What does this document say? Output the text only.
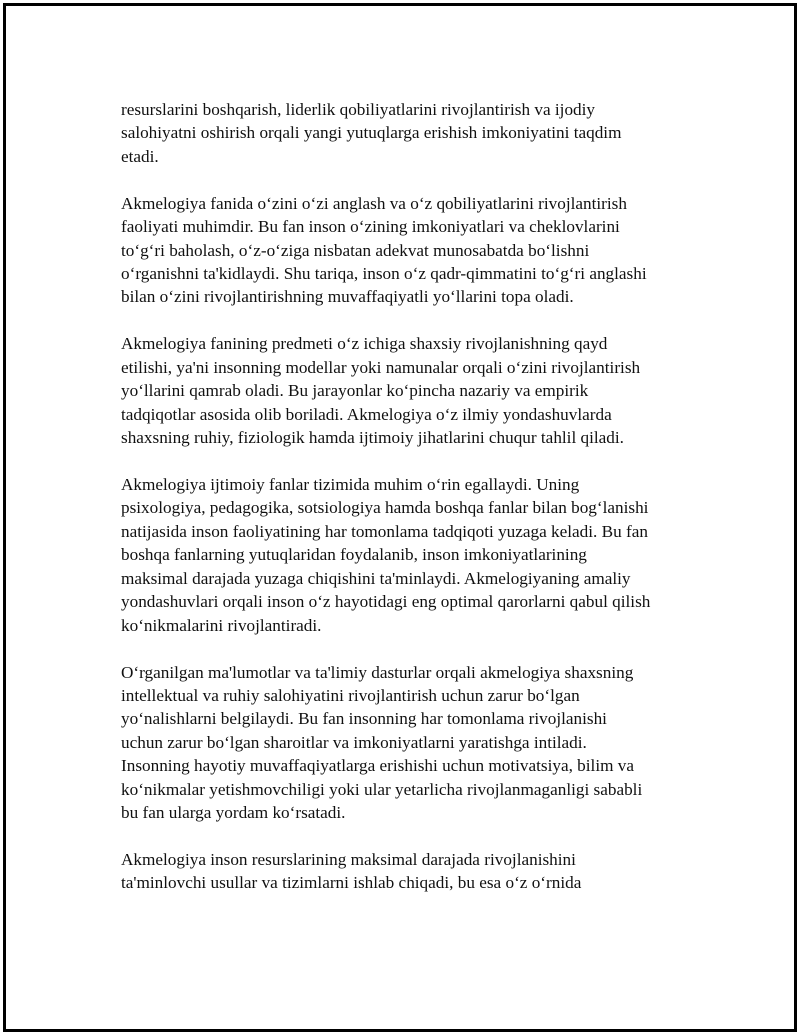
resurslarini boshqarish, liderlik qobiliyatlarini rivojlantirish va ijodiy
salohiyatni oshirish orqali yangi yutuqlarga erishish imkoniyatini taqdim
etadi.

Akmelogiya fanida o‘zini o‘zi anglash va o‘z qobiliyatlarini rivojlantirish
faoliyati muhimdir. Bu fan inson o‘zining imkoniyatlari va cheklovlarini
to‘g‘ri baholash, o‘z-o‘ziga nisbatan adekvat munosabatda bo‘lishni
o‘rganishni ta'kidlaydi. Shu tariqa, inson o‘z qadr-qimmatini to‘g‘ri anglashi
bilan o‘zini rivojlantirishning muvaffaqiyatli yo‘llarini topa oladi.

Akmelogiya fanining predmeti o‘z ichiga shaxsiy rivojlanishning qayd
etilishi, ya'ni insonning modellar yoki namunalar orqali o‘zini rivojlantirish
yo‘llarini qamrab oladi. Bu jarayonlar ko‘pincha nazariy va empirik
tadqiqotlar asosida olib boriladi. Akmelogiya o‘z ilmiy yondashuvlarda
shaxsning ruhiy, fiziologik hamda ijtimoiy jihatlarini chuqur tahlil qiladi.

Akmelogiya ijtimoiy fanlar tizimida muhim o‘rin egallaydi. Uning
psixologiya, pedagogika, sotsiologiya hamda boshqa fanlar bilan bog‘lanishi
natijasida inson faoliyatining har tomonlama tadqiqoti yuzaga keladi. Bu fan
boshqa fanlarning yutuqlaridan foydalanib, inson imkoniyatlarining
maksimal darajada yuzaga chiqishini ta'minlaydi. Akmelogiyaning amaliy
yondashuvlari orqali inson o‘z hayotidagi eng optimal qarorlarni qabul qilish
ko‘nikmalarini rivojlantiradi.

O‘rganilgan ma'lumotlar va ta'limiy dasturlar orqali akmelogiya shaxsning
intellektual va ruhiy salohiyatini rivojlantirish uchun zarur bo‘lgan
yo‘nalishlarni belgilaydi. Bu fan insonning har tomonlama rivojlanishi
uchun zarur bo‘lgan sharoitlar va imkoniyatlarni yaratishga intiladi.
Insonning hayotiy muvaffaqiyatlarga erishishi uchun motivatsiya, bilim va
ko‘nikmalar yetishmovchiligi yoki ular yetarlicha rivojlanmaganligi sababli
bu fan ularga yordam ko‘rsatadi.

Akmelogiya inson resurslarining maksimal darajada rivojlanishini
ta'minlovchi usullar va tizimlarni ishlab chiqadi, bu esa o‘z o‘rnida
